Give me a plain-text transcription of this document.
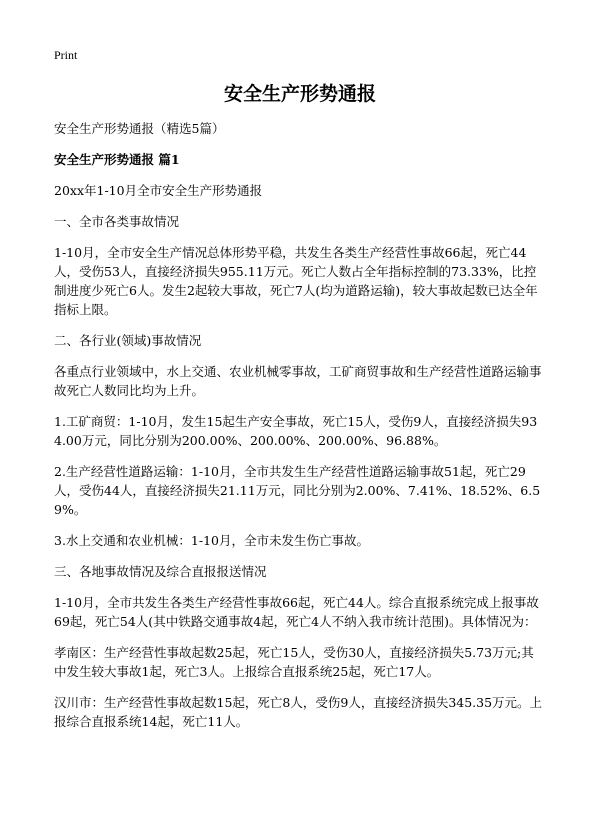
Print
安全生产形势通报
安全生产形势通报（精选5篇）
安全生产形势通报 篇1
20xx年1-10月全市安全生产形势通报
一、全市各类事故情况
1-10月，全市安全生产情况总体形势平稳，共发生各类生产经营性事故66起，死亡44人，受伤53人，直接经济损失955.11万元。死亡人数占全年指标控制的73.33%，比控制进度少死亡6人。发生2起较大事故，死亡7人(均为道路运输)，较大事故起数已达全年指标上限。
二、各行业(领域)事故情况
各重点行业领域中，水上交通、农业机械零事故，工矿商贸事故和生产经营性道路运输事故死亡人数同比均为上升。
1.工矿商贸：1-10月，发生15起生产安全事故，死亡15人，受伤9人，直接经济损失934.00万元，同比分别为200.00%、200.00%、200.00%、96.88%。
2.生产经营性道路运输：1-10月，全市共发生生产经营性道路运输事故51起，死亡29人，受伤44人，直接经济损失21.11万元，同比分别为2.00%、7.41%、18.52%、6.59%。
3.水上交通和农业机械：1-10月，全市未发生伤亡事故。
三、各地事故情况及综合直报报送情况
1-10月，全市共发生各类生产经营性事故66起，死亡44人。综合直报系统完成上报事故69起，死亡54人(其中铁路交通事故4起，死亡4人不纳入我市统计范围)。具体情况为：
孝南区：生产经营性事故起数25起，死亡15人，受伤30人，直接经济损失5.73万元;其中发生较大事故1起，死亡3人。上报综合直报系统25起，死亡17人。
汉川市：生产经营性事故起数15起，死亡8人，受伤9人，直接经济损失345.35万元。上报综合直报系统14起，死亡11人。
